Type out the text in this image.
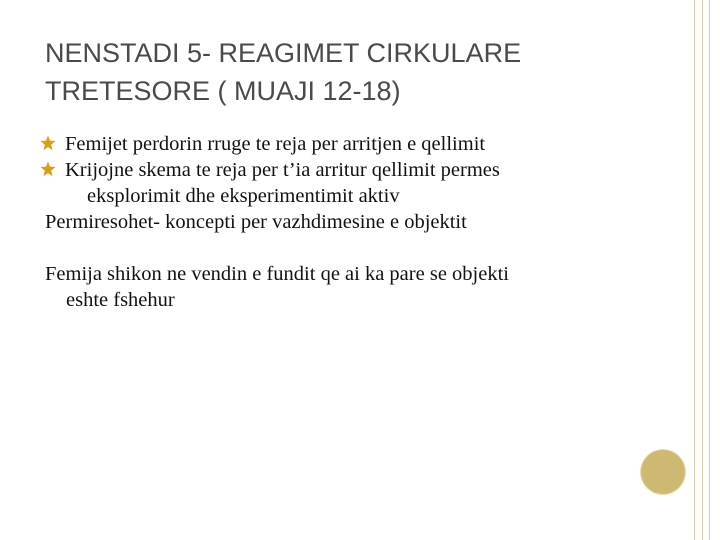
NENSTADI 5- REAGIMET CIRKULARE
TRETESORE ( MUAJI 12-18)
Femijet perdorin rruge te reja per arritjen e qellimit
Krijojne skema te reja per t’ia arritur qellimit permes
eksplorimit dhe eksperimentimit aktiv
Permiresohet- koncepti per vazhdimesine e objektit
Femija shikon ne vendin e fundit qe ai ka pare se objekti
eshte fshehur
